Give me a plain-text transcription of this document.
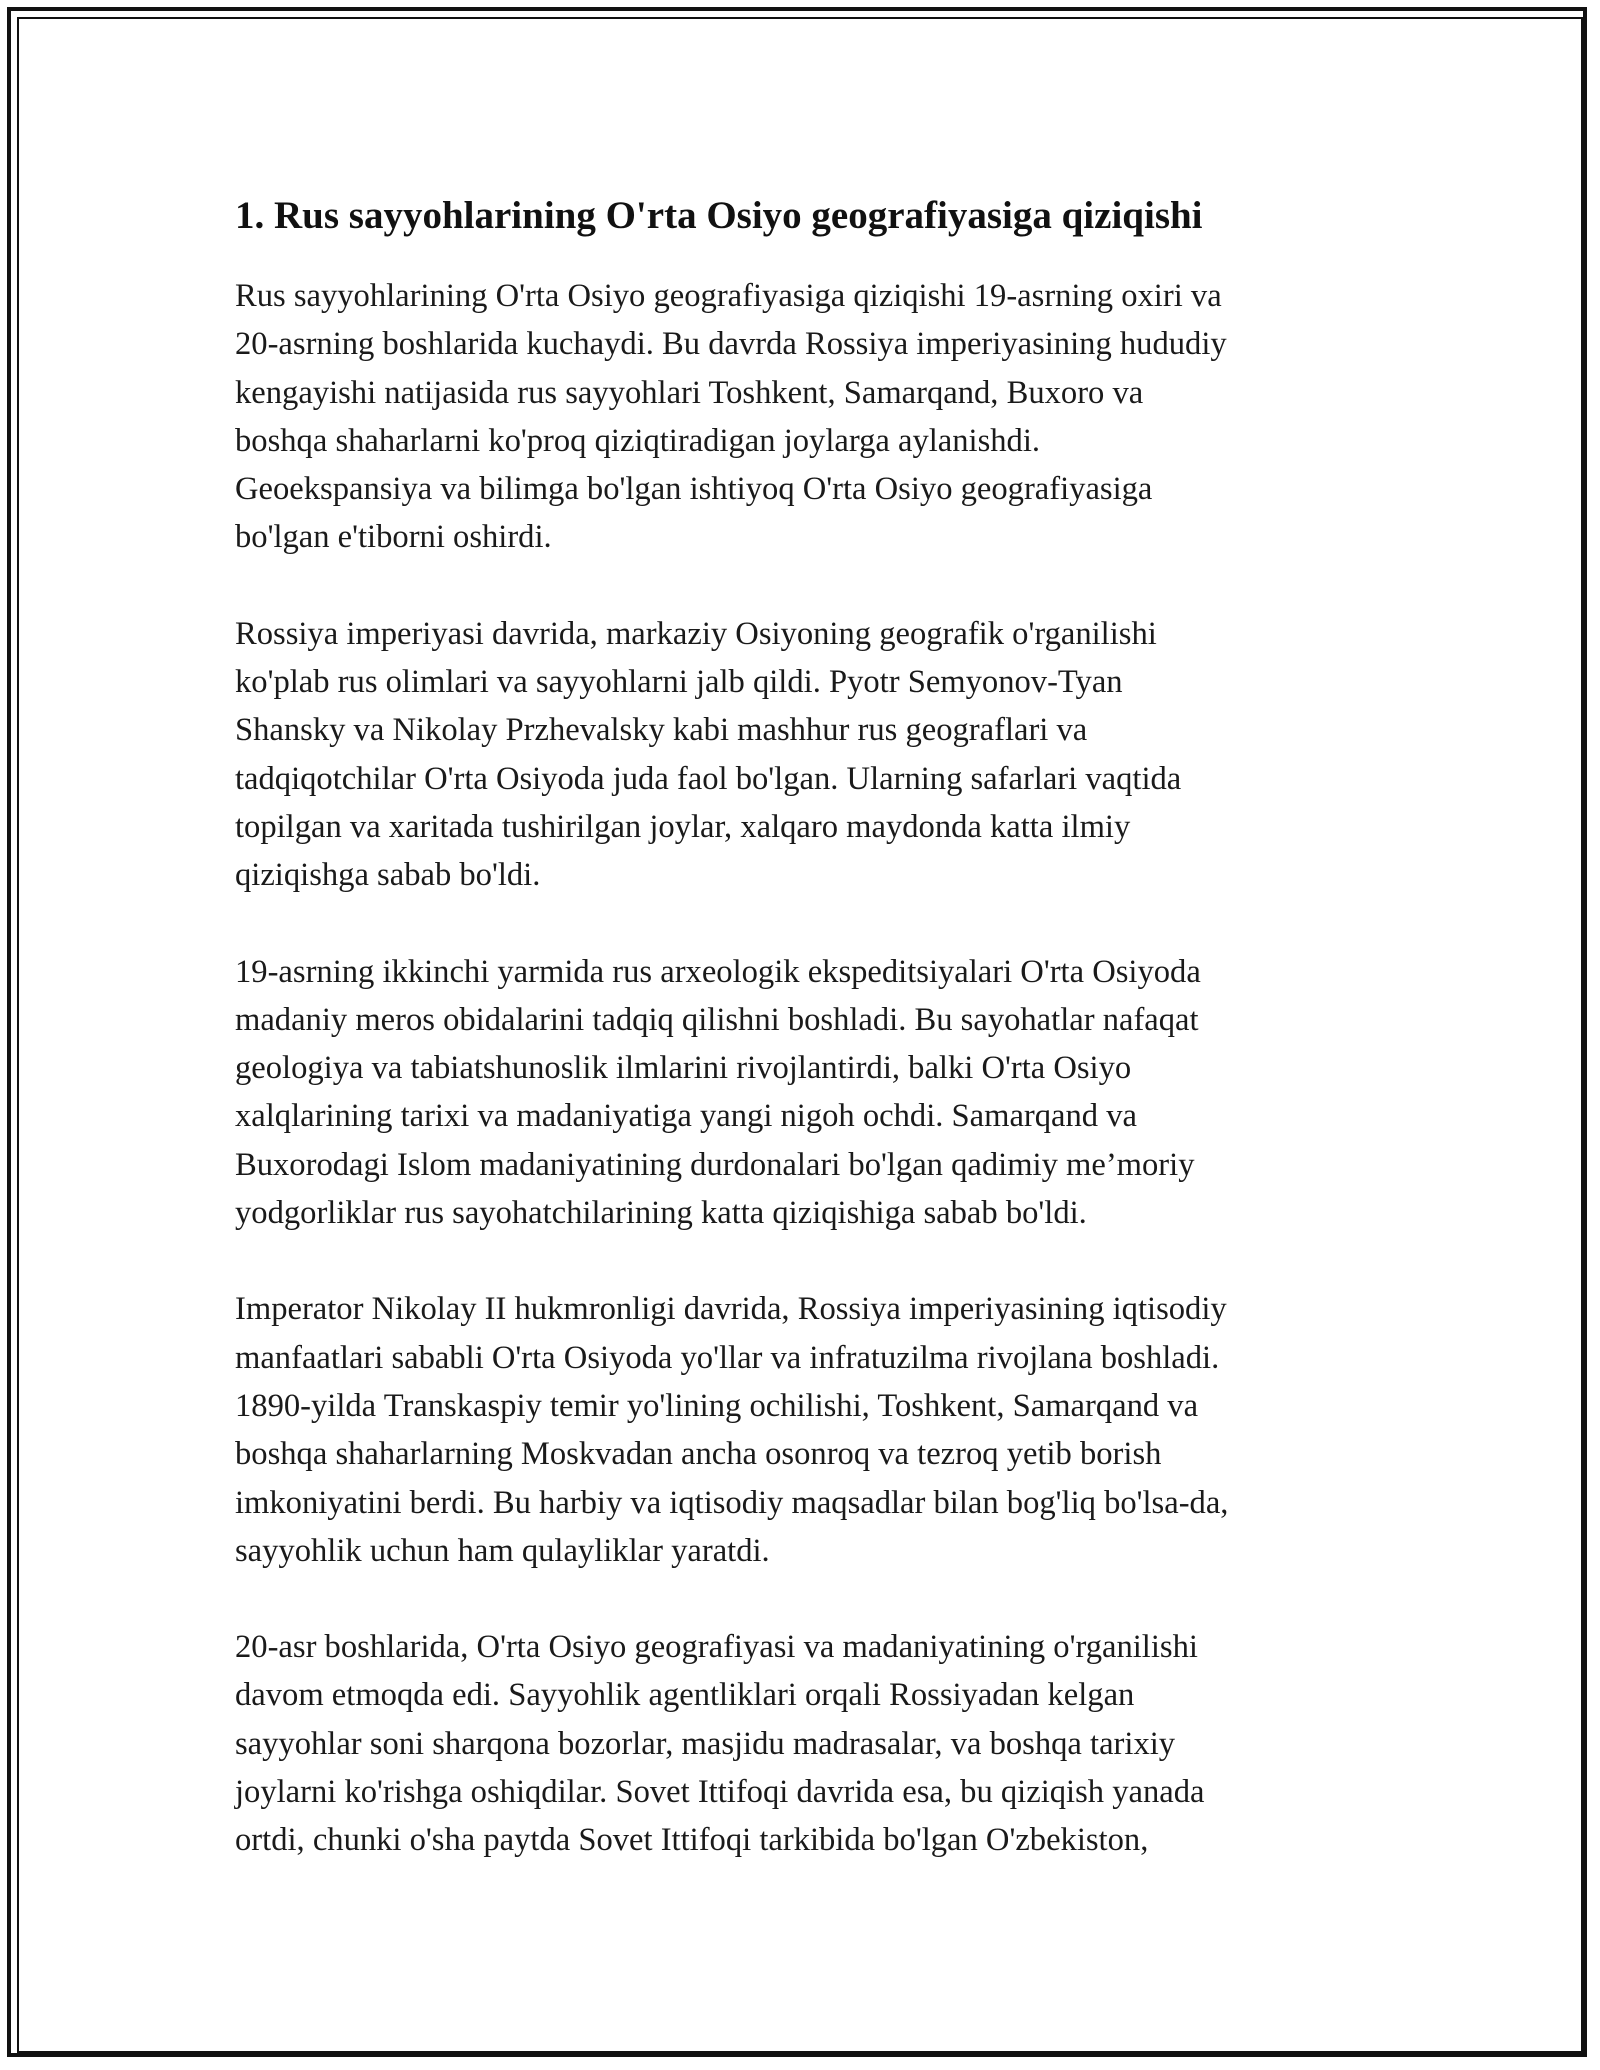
1. Rus sayyohlarining O'rta Osiyo geografiyasiga qiziqishi

Rus sayyohlarining O'rta Osiyo geografiyasiga qiziqishi 19-asrning oxiri va
20-asrning boshlarida kuchaydi. Bu davrda Rossiya imperiyasining hududiy
kengayishi natijasida rus sayyohlari Toshkent, Samarqand, Buxoro va
boshqa shaharlarni ko'proq qiziqtiradigan joylarga aylanishdi.
Geoekspansiya va bilimga bo'lgan ishtiyoq O'rta Osiyo geografiyasiga
bo'lgan e'tiborni oshirdi.

Rossiya imperiyasi davrida, markaziy Osiyoning geografik o'rganilishi
ko'plab rus olimlari va sayyohlarni jalb qildi. Pyotr Semyonov-Tyan
Shansky va Nikolay Przhevalsky kabi mashhur rus geograflari va
tadqiqotchilar O'rta Osiyoda juda faol bo'lgan. Ularning safarlari vaqtida
topilgan va xaritada tushirilgan joylar, xalqaro maydonda katta ilmiy
qiziqishga sabab bo'ldi.

19-asrning ikkinchi yarmida rus arxeologik ekspeditsiyalari O'rta Osiyoda
madaniy meros obidalarini tadqiq qilishni boshladi. Bu sayohatlar nafaqat
geologiya va tabiatshunoslik ilmlarini rivojlantirdi, balki O'rta Osiyo
xalqlarining tarixi va madaniyatiga yangi nigoh ochdi. Samarqand va
Buxorodagi Islom madaniyatining durdonalari bo'lgan qadimiy me’moriy
yodgorliklar rus sayohatchilarining katta qiziqishiga sabab bo'ldi.

Imperator Nikolay II hukmronligi davrida, Rossiya imperiyasining iqtisodiy
manfaatlari sababli O'rta Osiyoda yo'llar va infratuzilma rivojlana boshladi.
1890-yilda Transkaspiy temir yo'lining ochilishi, Toshkent, Samarqand va
boshqa shaharlarning Moskvadan ancha osonroq va tezroq yetib borish
imkoniyatini berdi. Bu harbiy va iqtisodiy maqsadlar bilan bog'liq bo'lsa-da,
sayyohlik uchun ham qulayliklar yaratdi.

20-asr boshlarida, O'rta Osiyo geografiyasi va madaniyatining o'rganilishi
davom etmoqda edi. Sayyohlik agentliklari orqali Rossiyadan kelgan
sayyohlar soni sharqona bozorlar, masjidu madrasalar, va boshqa tarixiy
joylarni ko'rishga oshiqdilar. Sovet Ittifoqi davrida esa, bu qiziqish yanada
ortdi, chunki o'sha paytda Sovet Ittifoqi tarkibida bo'lgan O'zbekiston,
